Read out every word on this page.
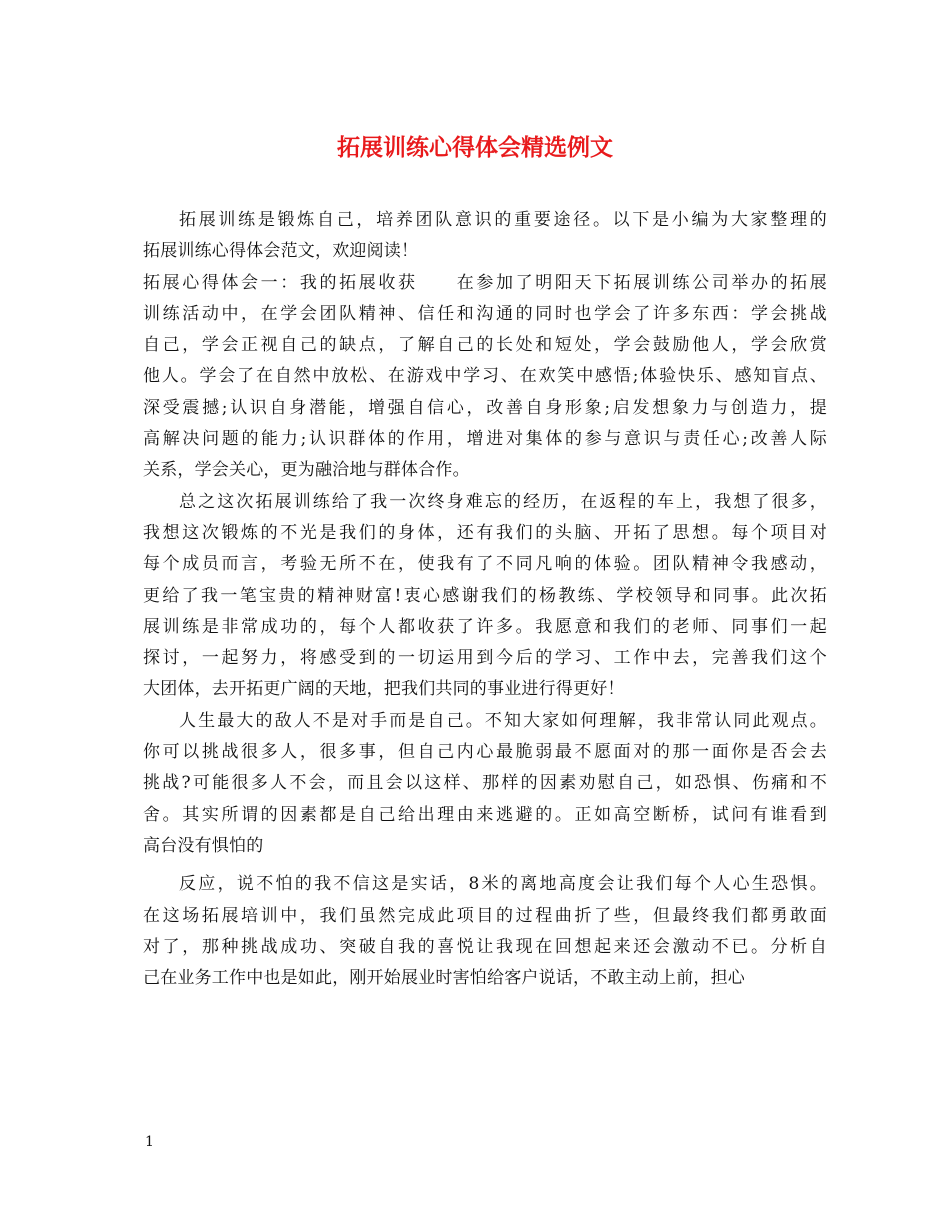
拓展训练心得体会精选例文
拓展训练是锻炼自己，培养团队意识的重要途径。以下是小编为大家整理的
拓展训练心得体会范文，欢迎阅读！
拓展心得体会一：我的拓展收获　　在参加了明阳天下拓展训练公司举办的拓展
训练活动中，在学会团队精神、信任和沟通的同时也学会了许多东西：学会挑战
自己，学会正视自己的缺点，了解自己的长处和短处，学会鼓励他人，学会欣赏
他人。学会了在自然中放松、在游戏中学习、在欢笑中感悟;体验快乐、感知盲点、
深受震撼;认识自身潜能，增强自信心，改善自身形象;启发想象力与创造力，提
高解决问题的能力;认识群体的作用，增进对集体的参与意识与责任心;改善人际
关系，学会关心，更为融洽地与群体合作。
总之这次拓展训练给了我一次终身难忘的经历，在返程的车上，我想了很多，
我想这次锻炼的不光是我们的身体，还有我们的头脑、开拓了思想。每个项目对
每个成员而言，考验无所不在，使我有了不同凡响的体验。团队精神令我感动，
更给了我一笔宝贵的精神财富!衷心感谢我们的杨教练、学校领导和同事。此次拓
展训练是非常成功的，每个人都收获了许多。我愿意和我们的老师、同事们一起
探讨，一起努力，将感受到的一切运用到今后的学习、工作中去，完善我们这个
大团体，去开拓更广阔的天地，把我们共同的事业进行得更好！
人生最大的敌人不是对手而是自己。不知大家如何理解，我非常认同此观点。
你可以挑战很多人，很多事，但自己内心最脆弱最不愿面对的那一面你是否会去
挑战?可能很多人不会，而且会以这样、那样的因素劝慰自己，如恐惧、伤痛和不
舍。其实所谓的因素都是自己给出理由来逃避的。正如高空断桥，试问有谁看到
高台没有惧怕的
反应，说不怕的我不信这是实话，8米的离地高度会让我们每个人心生恐惧。
在这场拓展培训中，我们虽然完成此项目的过程曲折了些，但最终我们都勇敢面
对了，那种挑战成功、突破自我的喜悦让我现在回想起来还会激动不已。分析自
己在业务工作中也是如此，刚开始展业时害怕给客户说话，不敢主动上前，担心
1
